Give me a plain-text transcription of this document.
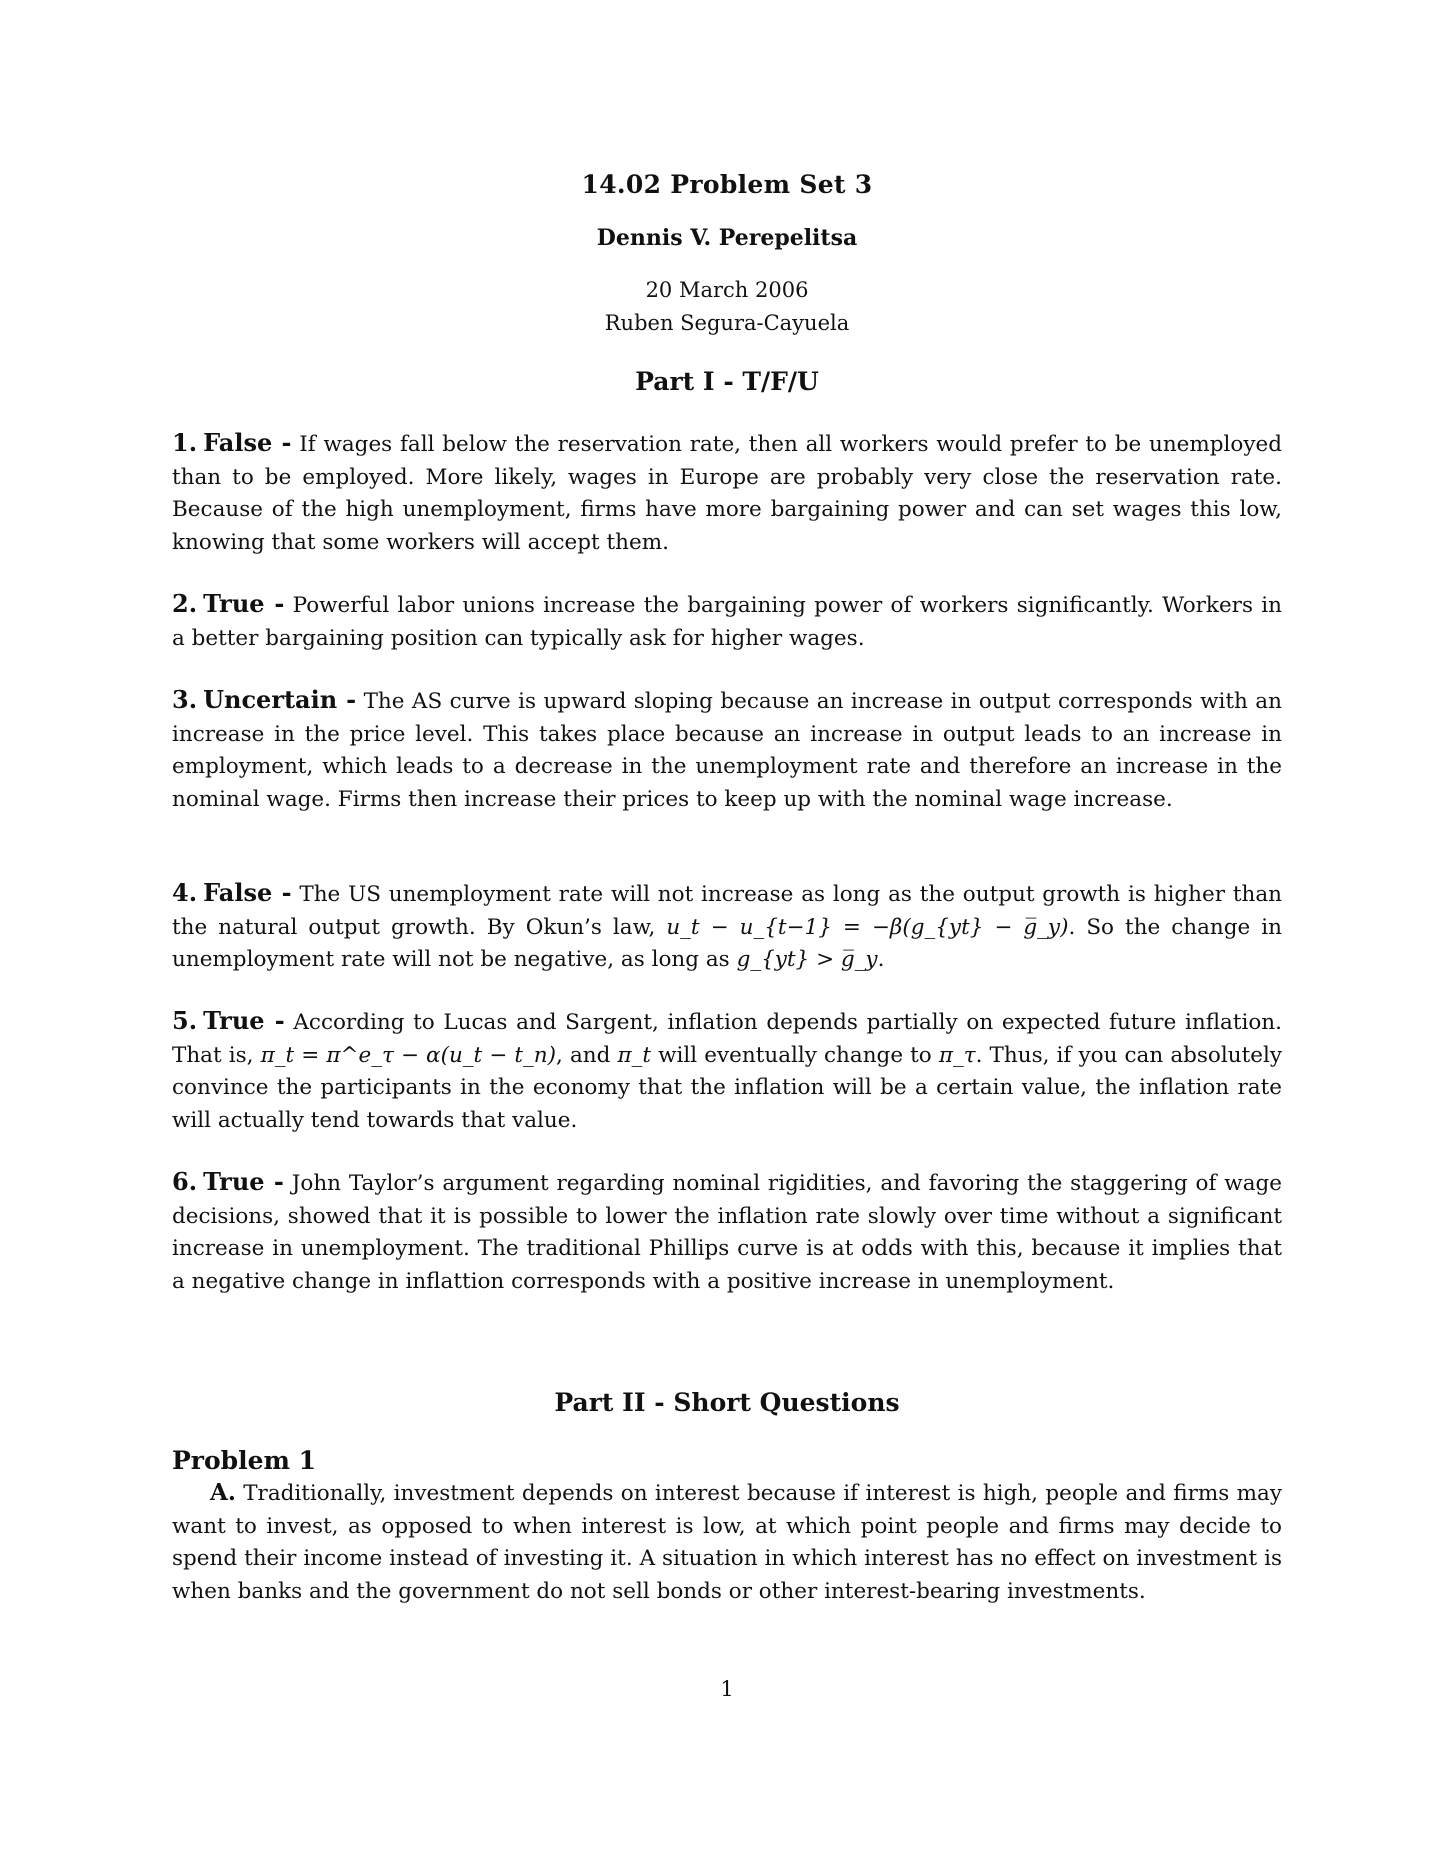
14.02 Problem Set 3
Dennis V. Perepelitsa
20 March 2006
Ruben Segura-Cayuela
Part I - T/F/U
1. False - If wages fall below the reservation rate, then all workers would prefer to be unemployed than to be employed. More likely, wages in Europe are probably very close the reservation rate. Because of the high unemployment, firms have more bargaining power and can set wages this low, knowing that some workers will accept them.
2. True - Powerful labor unions increase the bargaining power of workers significantly. Workers in a better bargaining position can typically ask for higher wages.
3. Uncertain - The AS curve is upward sloping because an increase in output corresponds with an increase in the price level. This takes place because an increase in output leads to an increase in employment, which leads to a decrease in the unemployment rate and therefore an increase in the nominal wage. Firms then increase their prices to keep up with the nominal wage increase.
4. False - The US unemployment rate will not increase as long as the output growth is higher than the natural output growth. By Okun’s law, u_t − u_{t−1} = −β(g_{yt} − g̅_y). So the change in unemployment rate will not be negative, as long as g_{yt} > g̅_y.
5. True - According to Lucas and Sargent, inflation depends partially on expected future inflation. That is, π_t = π^e_τ − α(u_t − t_n), and π_t will eventually change to π_τ. Thus, if you can absolutely convince the participants in the economy that the inflation will be a certain value, the inflation rate will actually tend towards that value.
6. True - John Taylor’s argument regarding nominal rigidities, and favoring the staggering of wage decisions, showed that it is possible to lower the inflation rate slowly over time without a significant increase in unemployment. The traditional Phillips curve is at odds with this, because it implies that a negative change in inflattion corresponds with a positive increase in unemployment.
Part II - Short Questions
Problem 1
A. Traditionally, investment depends on interest because if interest is high, people and firms may want to invest, as opposed to when interest is low, at which point people and firms may decide to spend their income instead of investing it. A situation in which interest has no effect on investment is when banks and the government do not sell bonds or other interest-bearing investments.
1
